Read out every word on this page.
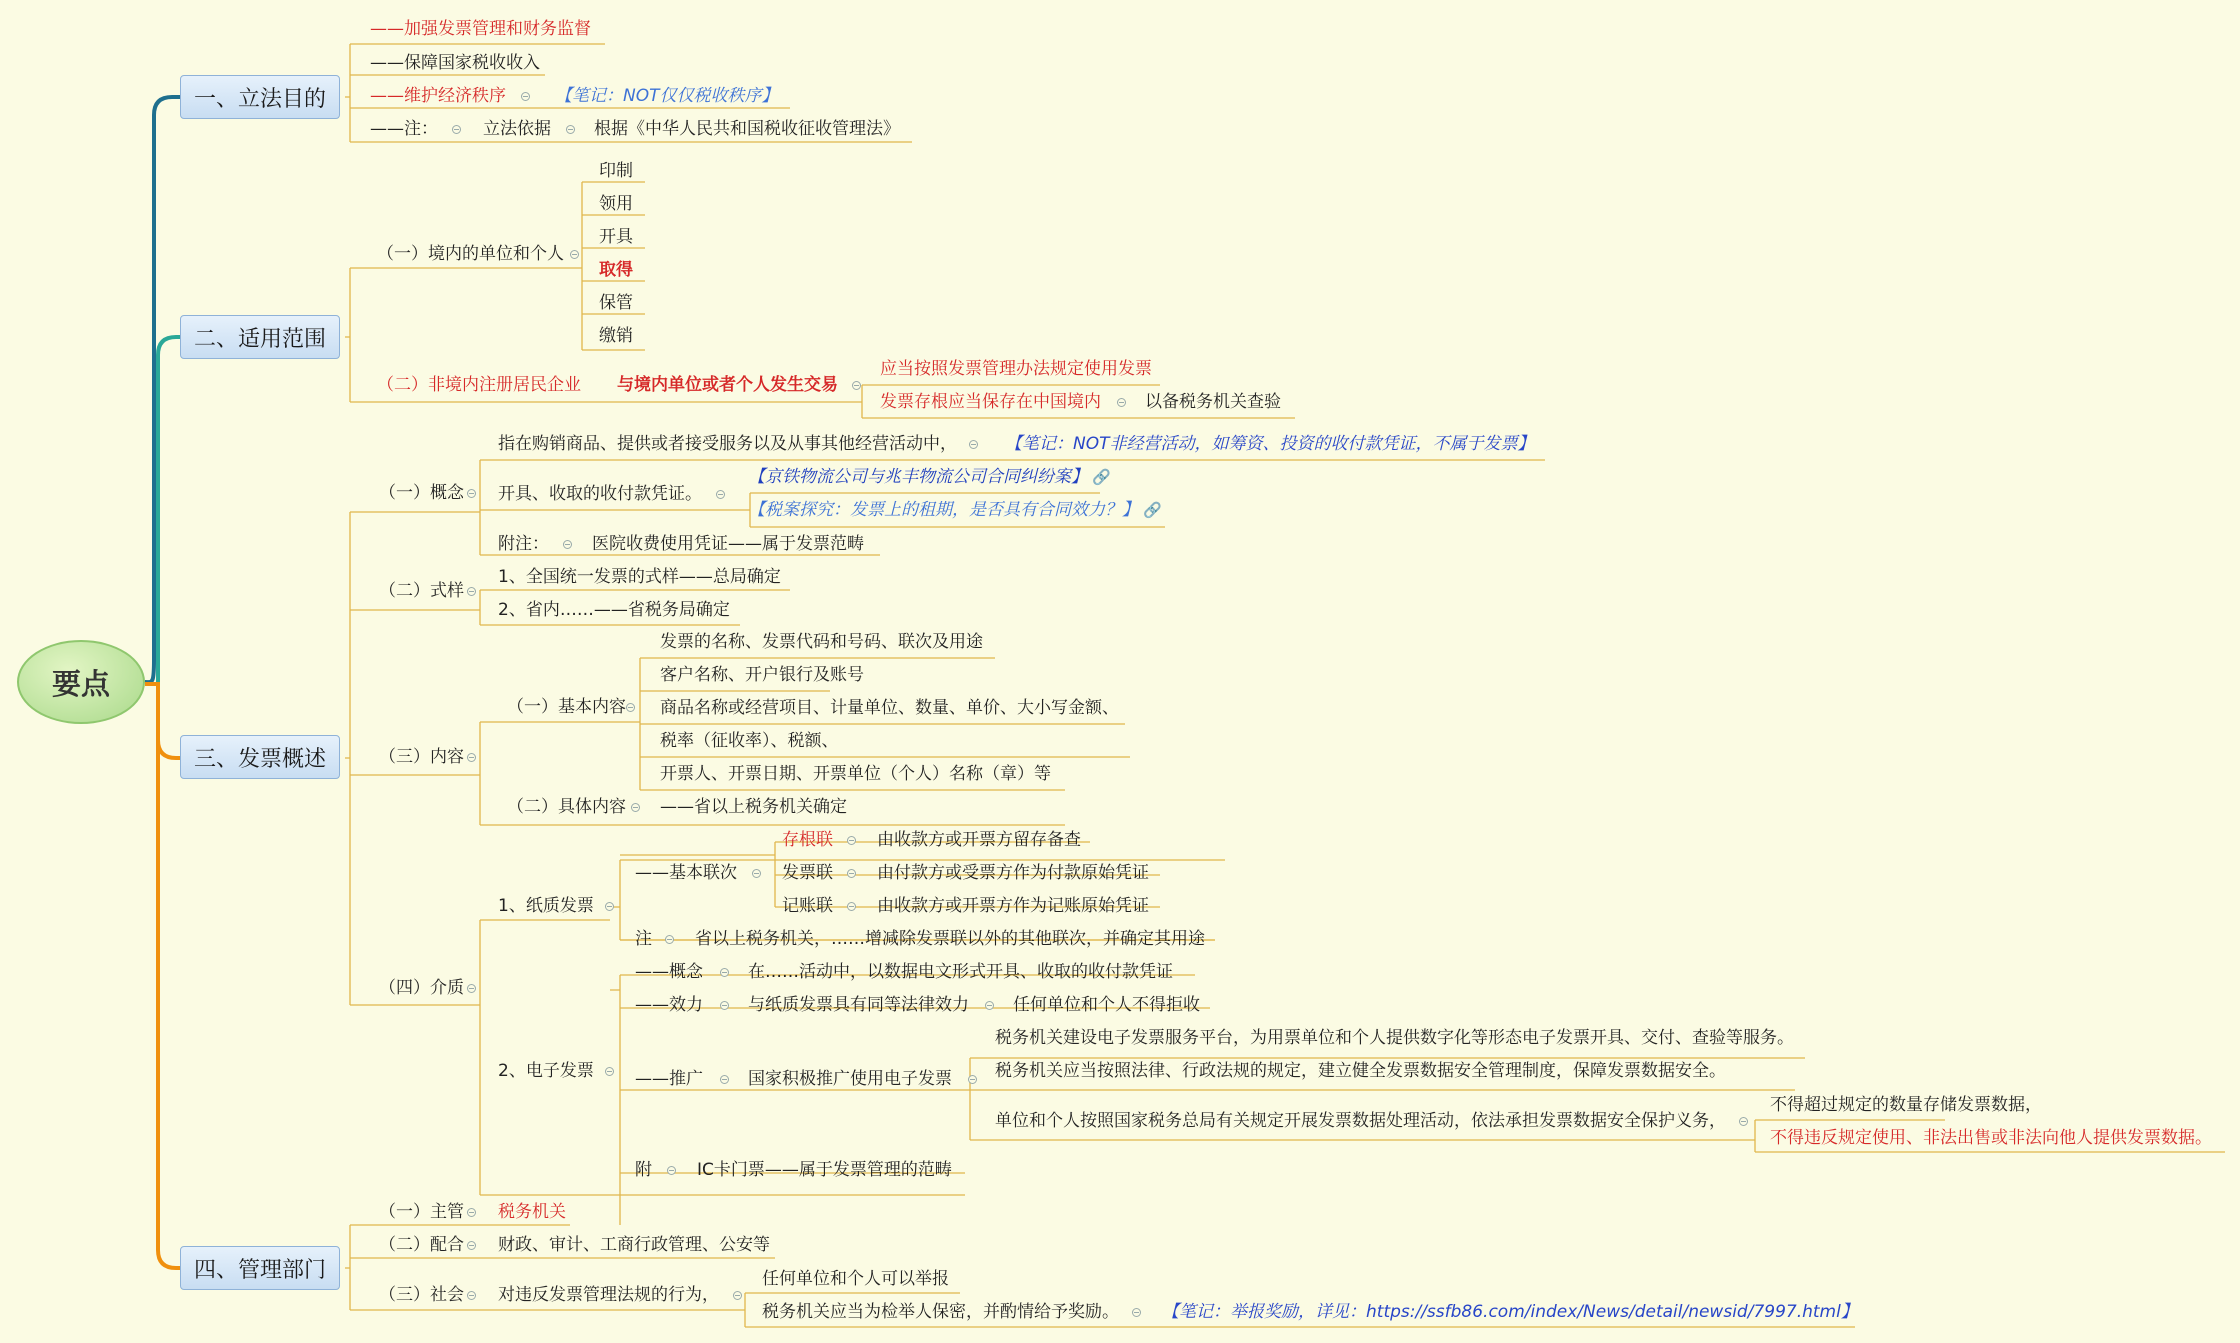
要点
一、立法目的
——加强发票管理和财务监督
——保障国家税收收入
——维护经济秩序	【笔记：NOT仅仅税收秩序】
——注：	立法依据	根据《中华人民共和国税收征收管理法》
二、适用范围
（一）境内的单位和个人
印制
领用
开具
取得
保管
缴销
（二）非境内注册居民企业 与境内单位或者个人发生交易
应当按照发票管理办法规定使用发票
发票存根应当保存在中国境内	以备税务机关查验
三、发票概述
（一）概念
指在购销商品、提供或者接受服务以及从事其他经营活动中，	【笔记：NOT非经营活动，如筹资、投资的收付款凭证，不属于发票】
开具、收取的收付款凭证。
【京铁物流公司与兆丰物流公司合同纠纷案】 🔗
【税案探究：发票上的租期，是否具有合同效力？】 🔗
附注：	医院收费使用凭证——属于发票范畴
（二）式样
1、全国统一发票的式样——总局确定
2、省内……——省税务局确定
（三）内容
（一）基本内容
发票的名称、发票代码和号码、联次及用途
客户名称、开户银行及账号
商品名称或经营项目、计量单位、数量、单价、大小写金额、
税率（征收率）、税额、
开票人、开票日期、开票单位（个人）名称（章）等
（二）具体内容 ——省以上税务机关确定
（四）介质
1、纸质发票
——基本联次
存根联	由收款方或开票方留存备查
发票联	由付款方或受票方作为付款原始凭证
记账联	由收款方或开票方作为记账原始凭证
注	省以上税务机关，……增减除发票联以外的其他联次，并确定其用途
2、电子发票
——概念	在……活动中，以数据电文形式开具、收取的收付款凭证
——效力	与纸质发票具有同等法律效力	任何单位和个人不得拒收
——推广	国家积极推广使用电子发票
税务机关建设电子发票服务平台，为用票单位和个人提供数字化等形态电子发票开具、交付、查验等服务。
税务机关应当按照法律、行政法规的规定，建立健全发票数据安全管理制度，保障发票数据安全。
单位和个人按照国家税务总局有关规定开展发票数据处理活动，依法承担发票数据安全保护义务，
不得超过规定的数量存储发票数据，
不得违反规定使用、非法出售或非法向他人提供发票数据。
附	IC卡门票——属于发票管理的范畴
四、管理部门
（一）主管 税务机关
（二）配合 财政、审计、工商行政管理、公安等
（三）社会 对违反发票管理法规的行为，
任何单位和个人可以举报
税务机关应当为检举人保密，并酌情给予奖励。	【笔记：举报奖励，详见：https://ssfb86.com/index/News/detail/newsid/7997.html】
